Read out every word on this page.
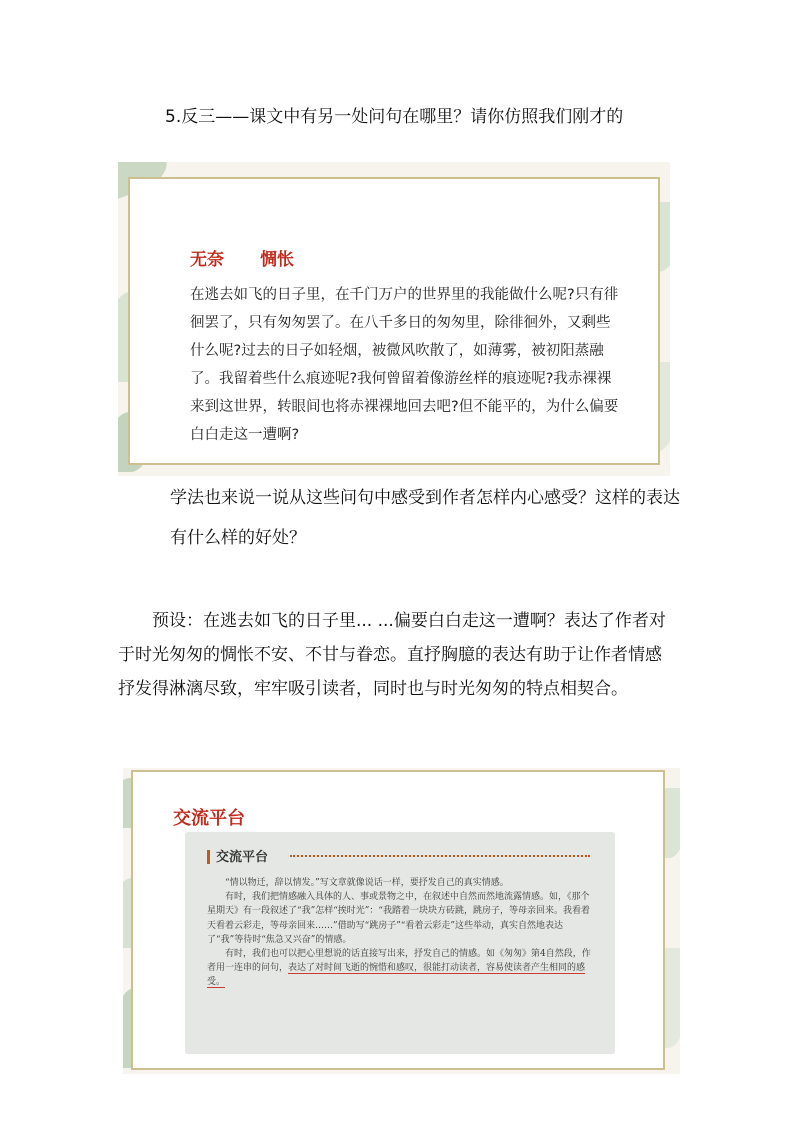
5.反三——课文中有另一处问句在哪里？请你仿照我们刚才的

无奈 惆怅
在逃去如飞的日子里，在千门万户的世界里的我能做什么呢?只有徘徊罢了，只有匆匆罢了。在八千多日的匆匆里，除徘徊外，又剩些什么呢?过去的日子如轻烟，被微风吹散了，如薄雾，被初阳蒸融了。我留着些什么痕迹呢?我何曾留着像游丝样的痕迹呢?我赤裸裸来到这世界，转眼间也将赤裸裸地回去吧?但不能平的，为什么偏要白白走这一遭啊?

学法也来说一说从这些问句中感受到作者怎样内心感受？这样的表达有什么样的好处？

预设：在逃去如飞的日子里... ...偏要白白走这一遭啊？表达了作者对于时光匆匆的惆怅不安、不甘与眷恋。直抒胸臆的表达有助于让作者情感抒发得淋漓尽致，牢牢吸引读者，同时也与时光匆匆的特点相契合。

交流平台
交流平台

“情以物迁，辞以情发。”写文章就像说话一样，要抒发自己的真实情感。

有时，我们把情感融入具体的人、事或景物之中，在叙述中自然而然地流露情感。如，《那个星期天》有一段叙述了“我”怎样“挨时光”：“我踏着一块块方砖跳，跳房子，等母亲回来。我看着天看着云彩走，等母亲回来……”借助写“跳房子”“看着云彩走”这些举动，真实自然地表达了“我”等待时“焦急又兴奋”的情感。

有时，我们也可以把心里想说的话直接写出来，抒发自己的情感。如《匆匆》第4自然段，作者用一连串的问句，表达了对时间飞逝的惋惜和感叹，很能打动读者，容易使读者产生相同的感受。
